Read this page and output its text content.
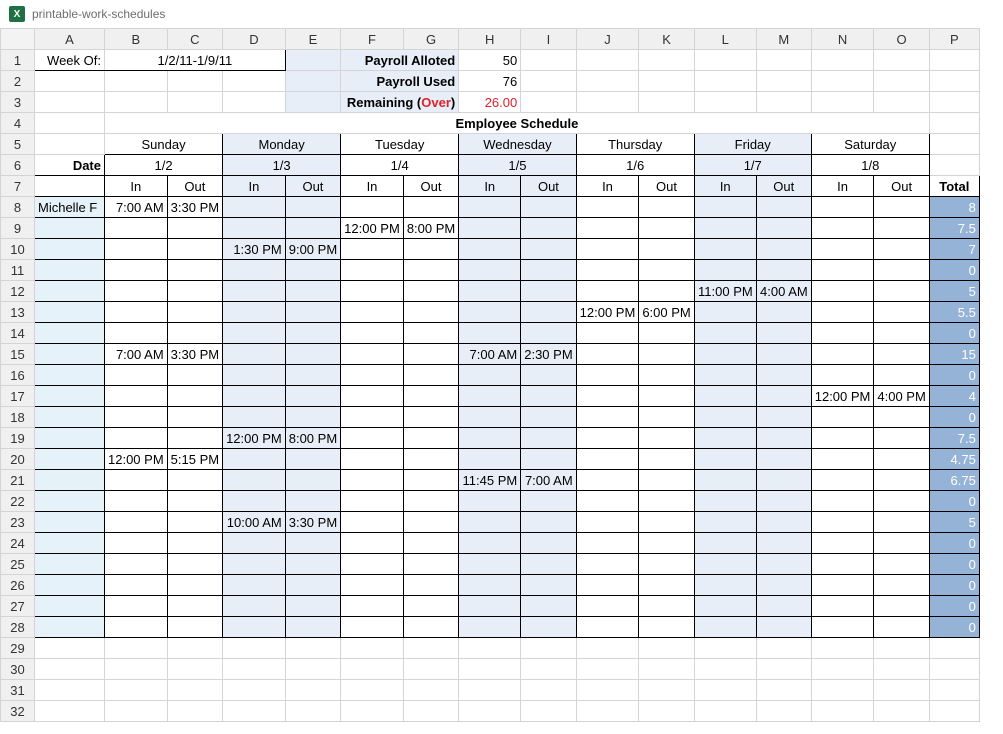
X printable-work-schedules
	A	B	C	D	E	F	G	H	I	J	K	L	M	N	O	P
1	Week Of:	1/2/11-1/9/11				Payroll Alloted		50								
2						Payroll Used		76								
3						Remaining (Over)		26.00								
4		Employee Schedule														
5		Sunday		Monday		Tuesday		Wednesday		Thursday		Friday		Saturday		
6	Date	1/2		1/3		1/4		1/5		1/6		1/7		1/8		
7		In	Out	In	Out	In	Out	In	Out	In	Out	In	Out	In	Out	Total
8	Michelle F	7:00 AM	3:30 PM													8
9						12:00 PM	8:00 PM									7.5
10				1:30 PM	9:00 PM											7
11																0
12												11:00 PM	4:00 AM			5
13										12:00 PM	6:00 PM					5.5
14																0
15		7:00 AM	3:30 PM					7:00 AM	2:30 PM							15
16																0
17														12:00 PM	4:00 PM	4
18																0
19				12:00 PM	8:00 PM											7.5
20		12:00 PM	5:15 PM													4.75
21								11:45 PM	7:00 AM							6.75
22																0
23				10:00 AM	3:30 PM											5
24																0
25																0
26																0
27																0
28																0
29																
30																
31																
32																
